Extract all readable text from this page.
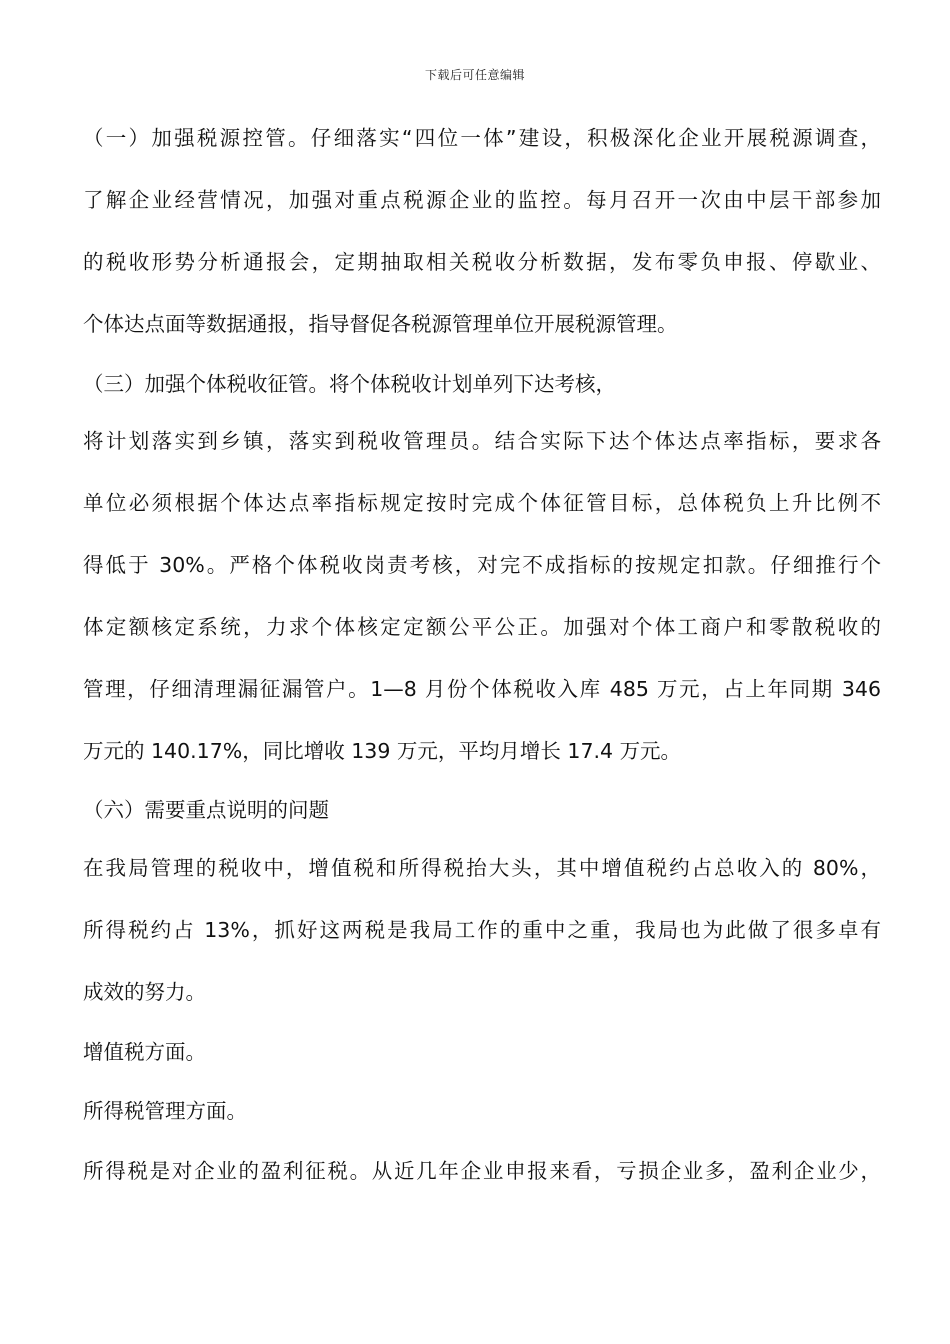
下载后可任意编辑
（一）加强税源控管。仔细落实“四位一体”建设，积极深化企业开展税源调查，
了解企业经营情况，加强对重点税源企业的监控。每月召开一次由中层干部参加
的税收形势分析通报会，定期抽取相关税收分析数据，发布零负申报、停歇业、
个体达点面等数据通报，指导督促各税源管理单位开展税源管理。
（三）加强个体税收征管。将个体税收计划单列下达考核，
将计划落实到乡镇，落实到税收管理员。结合实际下达个体达点率指标，要求各
单位必须根据个体达点率指标规定按时完成个体征管目标，总体税负上升比例不
得低于 30%。严格个体税收岗责考核，对完不成指标的按规定扣款。仔细推行个
体定额核定系统，力求个体核定定额公平公正。加强对个体工商户和零散税收的
管理，仔细清理漏征漏管户。1—8 月份个体税收入库 485 万元，占上年同期 346
万元的 140.17%，同比增收 139 万元，平均月增长 17.4 万元。
（六）需要重点说明的问题
在我局管理的税收中，增值税和所得税抬大头，其中增值税约占总收入的 80%，
所得税约占 13%，抓好这两税是我局工作的重中之重，我局也为此做了很多卓有
成效的努力。
增值税方面。
所得税管理方面。
所得税是对企业的盈利征税。从近几年企业申报来看，亏损企业多，盈利企业少，
